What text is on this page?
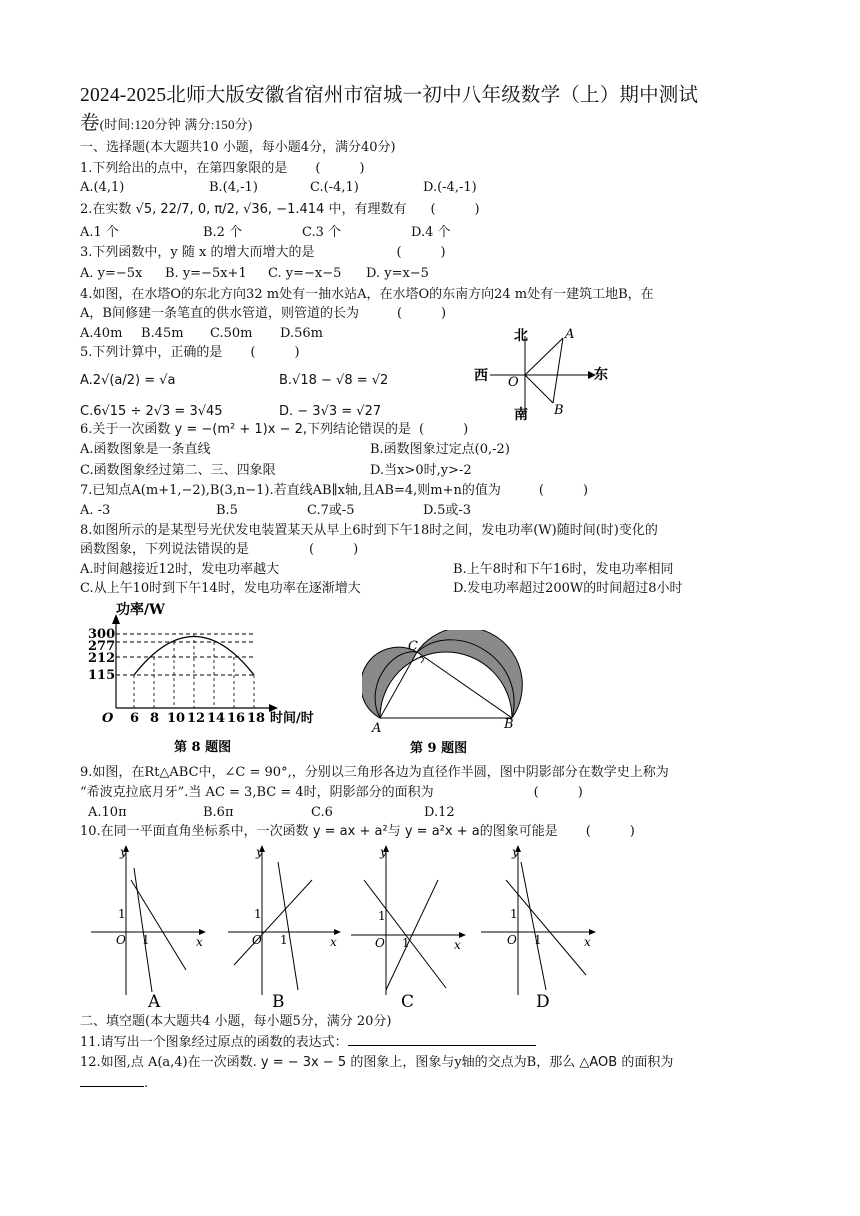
2024-2025北师大版安徽省宿州市宿城一初中八年级数学（上）期中测试
卷(时间:120分钟 满分:150分)
一、选择题(本大题共10 小题，每小题4分，满分40分)
1.下列给出的点中，在第四象限的是 (　　　)
A.(4,1)	B.(4,-1)	C.(-4,1)	D.(-4,-1)
2.在实数 √5, 22/7, 0, π/2, √36, −1.414 中，有理数有 (　　　)
A.1 个	B.2 个	C.3 个	D.4 个
3.下列函数中，y 随 x 的增大而增大的是	(　　　)
A. y=−5x B. y=−5x+1 C. y=−x−5 D. y=x−5
4.如图，在水塔O的东北方向32 m处有一抽水站A，在水塔O的东南方向24 m处有一建筑工地B，在
A，B间修建一条笔直的供水管道，则管道的长为	(　　　)
A.40m B.45m C.50m D.56m	北
南
西	东
O
A
B
5.下列计算中，正确的是 (　　　)
A.2√(a/2) = √a	B.√18 − √8 = √2
C.6√15 ÷ 2√3 = 3√45	D. − 3√3 = √27
6.关于一次函数 y = −(m² + 1)x − 2,下列结论错误的是 (　　　)
A.函数图象是一条直线	B.函数图象过定点(0,-2)
C.函数图象经过第二、三、四象限	D.当x>0时,y>-2
7.已知点A(m+1,−2),B(3,n−1).若直线AB∥x轴,且AB=4,则m+n的值为	(　　　)
A. -3	B.5	C.7或-5	D.5或-3
8.如图所示的是某型号光伏发电装置某天从早上6时到下午18时之间，发电功率(W)随时间(时)变化的
函数图象，下列说法错误的是	(　　　)
A.时间越接近12时，发电功率越大	B.上午8时和下午16时，发电功率相同
C.从上午10时到下午14时，发电功率在逐渐增大	D.发电功率超过200W的时间超过8小时
功率/W
300
277
212
115
O 6 8 10 12 14 16 18 时间/时
第 8 题图
C
A	B
第 9 题图
9.如图，在Rt△ABC中，∠C = 90°,，分别以三角形各边为直径作半圆，图中阴影部分在数学史上称为
“希波克拉底月牙”.当 AC = 3,BC = 4时，阴影部分的面积为	(　　　)
A.10π	B.6π	C.6	D.12
10.在同一平面直角坐标系中，一次函数 y = ax + a²与 y = a²x + a的图象可能是 (　　　)
y
x
O 1
1
A
y
x
O 1
1
B
y
x
O 1
1
C
y
x
O 1
1
D
二、填空题(本大题共4 小题，每小题5分，满分 20分)
11.请写出一个图象经过原点的函数的表达式：
12.如图,点 A(a,4)在一次函数. y = − 3x − 5 的图象上，图象与y轴的交点为B，那么 △AOB 的面积为
.
